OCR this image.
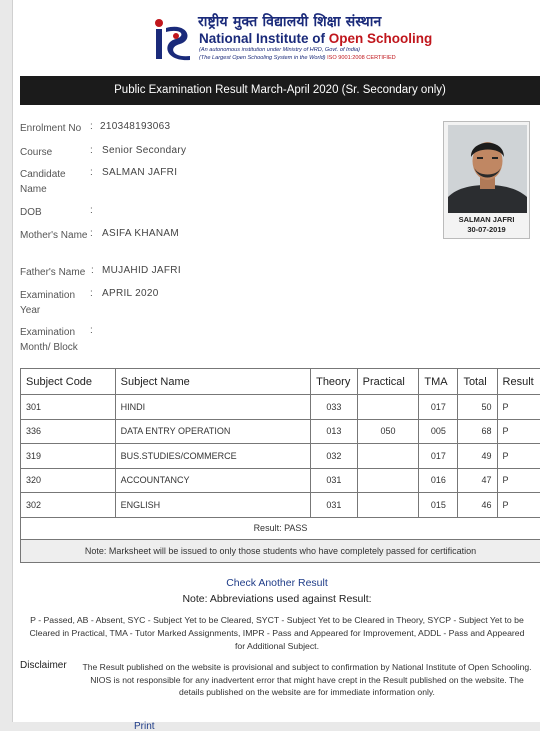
राष्ट्रीय मुक्त विद्यालयी शिक्षा संस्थान
National Institute of Open Schooling
(An autonomous institution under Ministry of HRD, Govt. of India)
(The Largest Open Schooling System in the World) ISO 9001:2008 CERTIFIED
Public Examination Result March-April 2020 (Sr. Secondary only)
Enrolment No : 210348193063
Course	: Senior Secondary
Candidate Name
: SALMAN JAFRI
DOB	:
Mother's Name : ASIFA KHANAM
Father's Name : MUJAHID JAFRI
Examination Year
: APRIL 2020
Examination Month/ Block
:
SALMAN JAFRI
30-07-2019
Subject Code	Subject Name	Theory	Practical	TMA	Total	Result
301	HINDI	033		017	50	P
336	DATA ENTRY OPERATION	013	050	005	68	P
319	BUS.STUDIES/COMMERCE	032		017	49	P
320	ACCOUNTANCY	031		016	47	P
302	ENGLISH	031		015	46	P
Result: PASS						
Note: Marksheet will be issued to only those students who have completely passed for certification						
Check Another Result
Note: Abbreviations used against Result:
P - Passed, AB - Absent, SYC - Subject Yet to be Cleared, SYCT - Subject Yet to be Cleared in Theory, SYCP - Subject Yet to be Cleared in Practical, TMA - Tutor Marked Assignments, IMPR - Pass and Appeared for Improvement, ADDL - Pass and Appeared for Additional Subject.
Disclaimer	The Result published on the website is provisional and subject to confirmation by National Institute of Open Schooling. NIOS is not responsible for any inadvertent error that might have crept in the Result published on the website. The details published on the website are for immediate information only.
Print
